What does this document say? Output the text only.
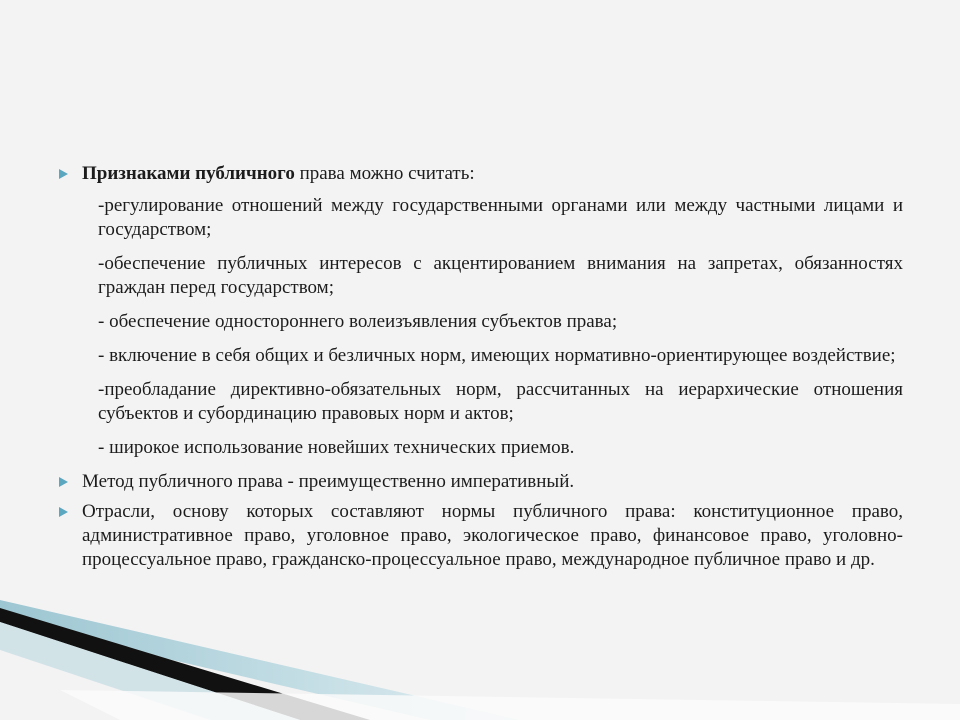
Признаками публичного права можно считать:
-регулирование отношений между государственными органами или между частными лицами и государством;
-обеспечение публичных интересов с акцентированием внимания на запретах, обязанностях граждан перед государством;
- обеспечение одностороннего волеизъявления субъектов права;
- включение в себя общих и безличных норм, имеющих нормативно-ориентирующее воздействие;
-преобладание директивно-обязательных норм, рассчитанных на иерархические отношения субъектов и субординацию правовых норм и актов;
- широкое использование новейших технических приемов.
Метод публичного права - преимущественно императивный.
Отрасли, основу которых составляют нормы публичного права: конституционное право, административное право, уголовное право, экологическое право, финансовое право, уголовно-процессуальное право, гражданско-процессуальное право, международное публичное право и др.
